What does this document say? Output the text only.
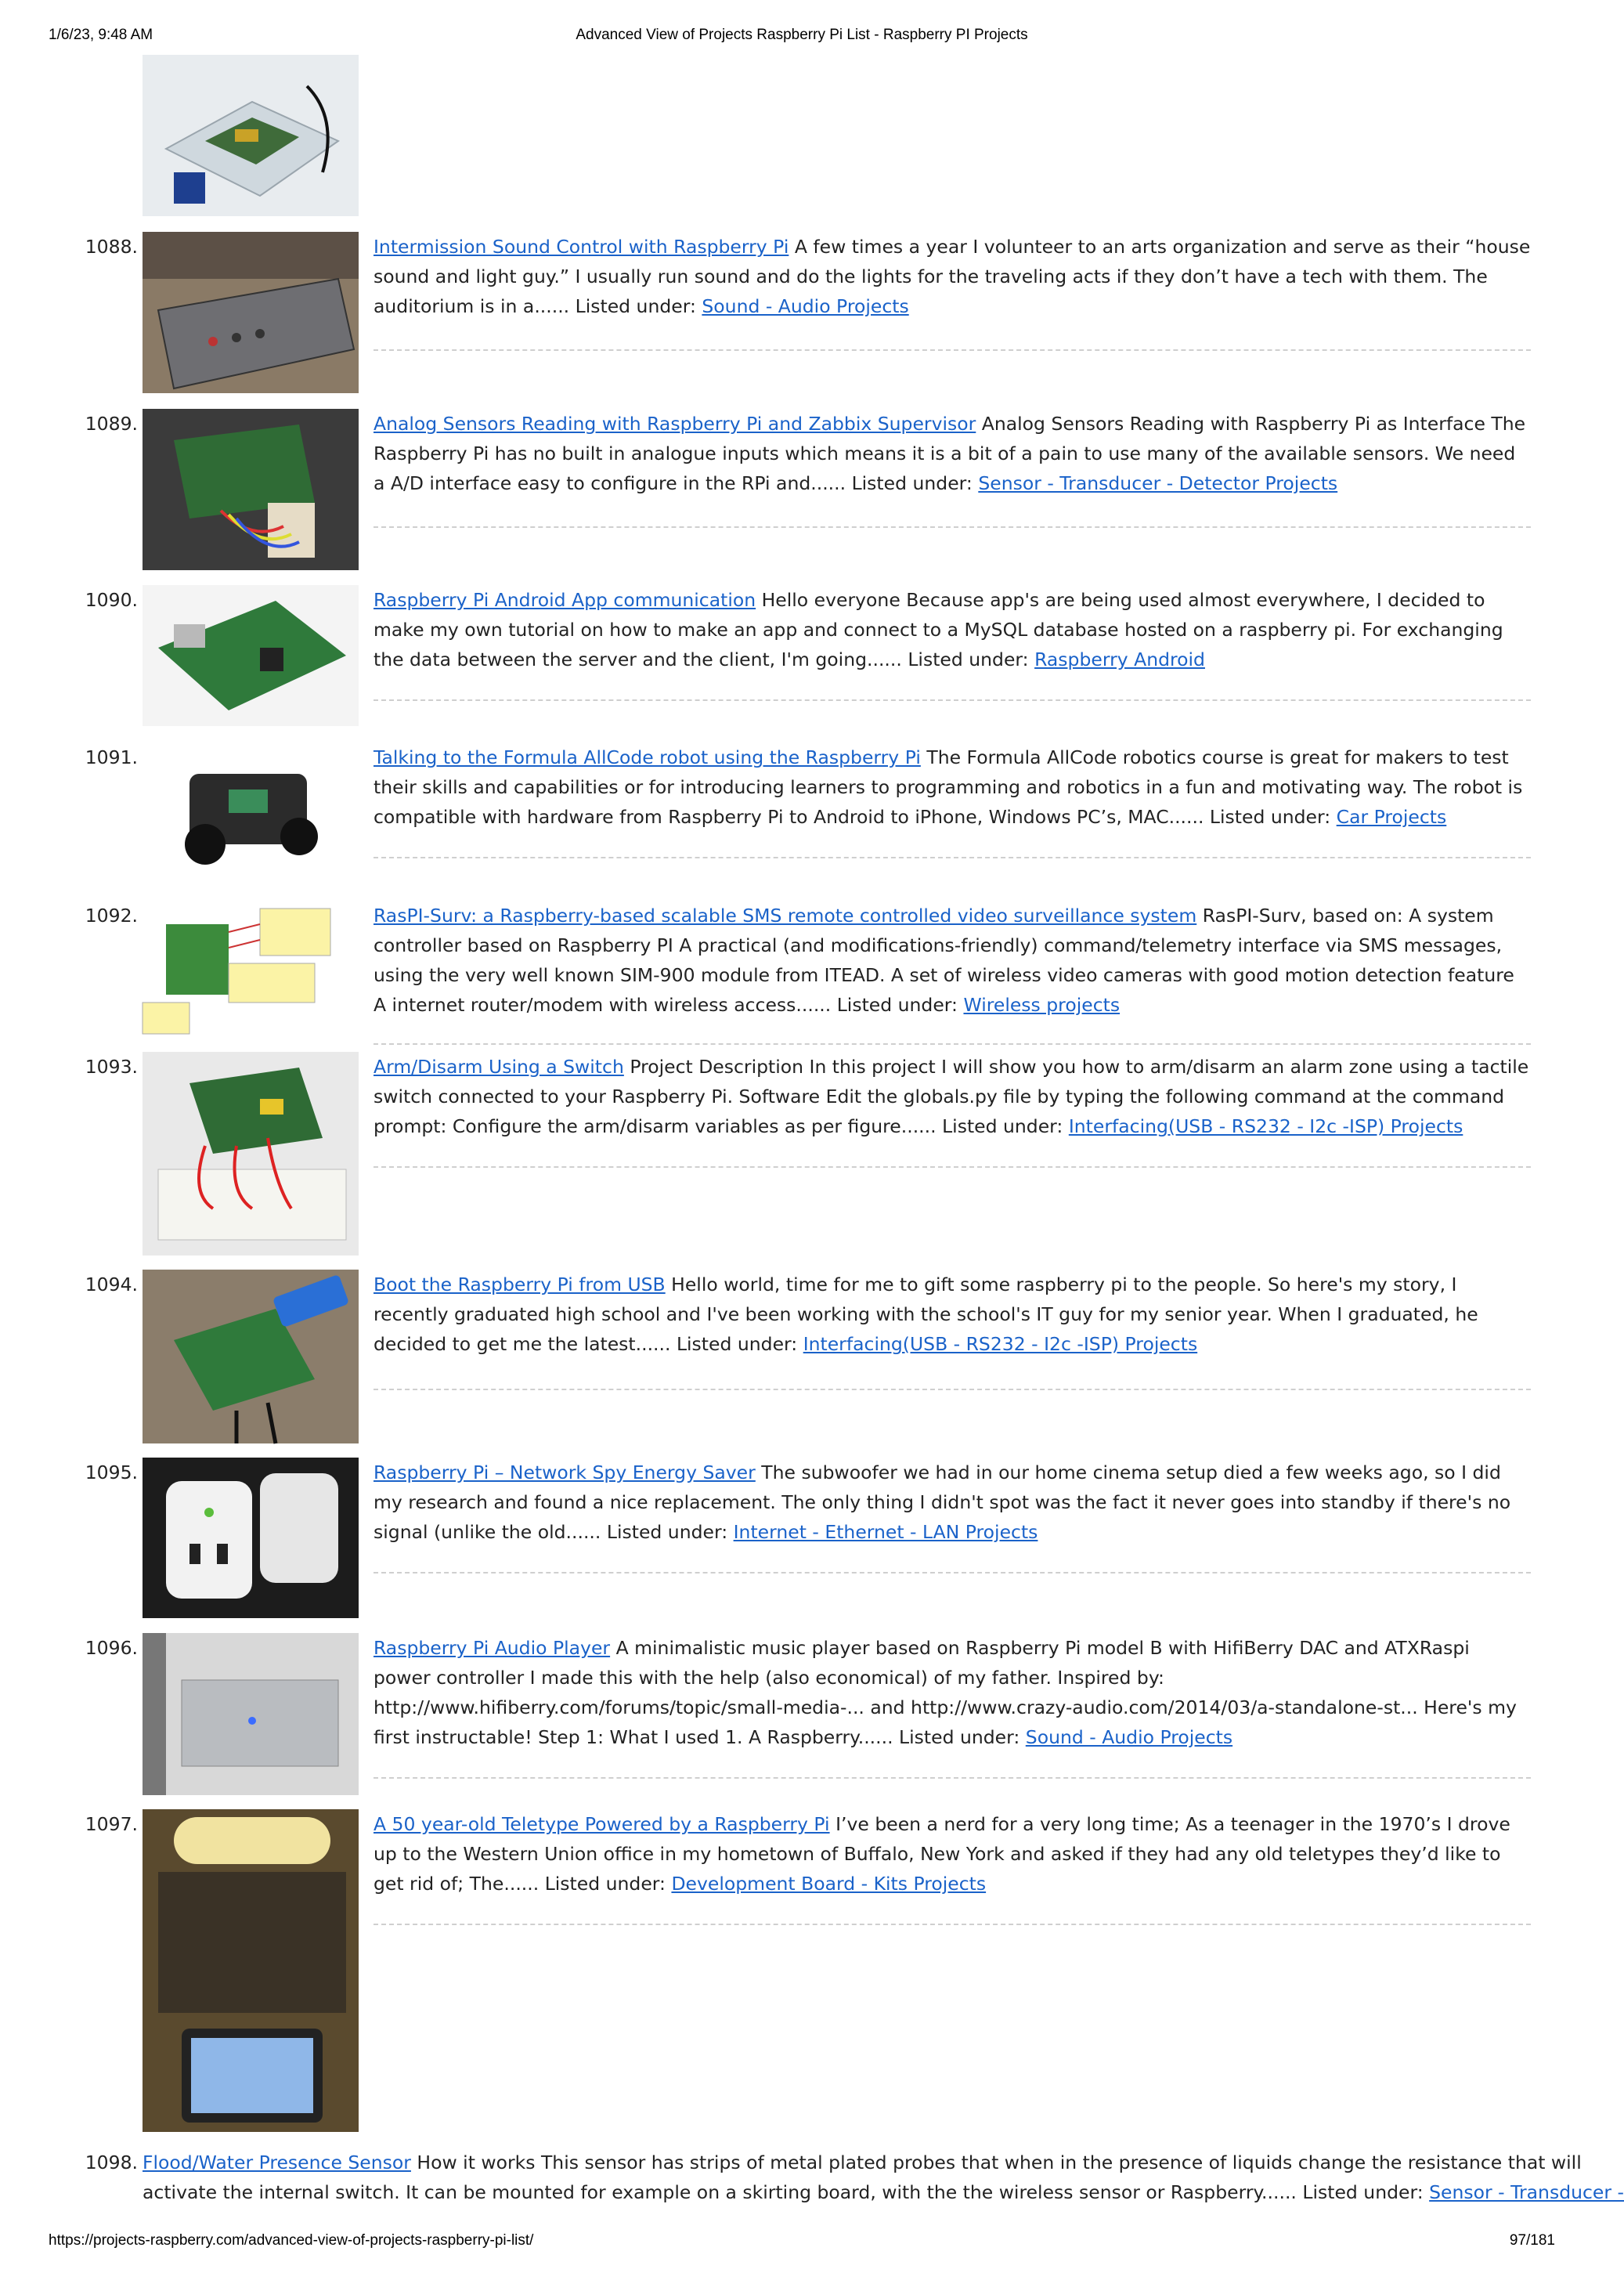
1/6/23, 9:48 AM	Advanced View of Projects Raspberry Pi List - Raspberry PI Projects
1088.	Intermission Sound Control with Raspberry Pi A few times a year I volunteer to an arts organization and serve as their “house sound and light guy.” I usually run sound and do the lights for the traveling acts if they don’t have a tech with them. The auditorium is in a...... Listed under: Sound - Audio Projects
1089.	Analog Sensors Reading with Raspberry Pi and Zabbix Supervisor Analog Sensors Reading with Raspberry Pi as Interface The Raspberry Pi has no built in analogue inputs which means it is a bit of a pain to use many of the available sensors. We need a A/D interface easy to configure in the RPi and...... Listed under: Sensor - Transducer - Detector Projects
1090.	Raspberry Pi Android App communication Hello everyone Because app's are being used almost everywhere, I decided to make my own tutorial on how to make an app and connect to a MySQL database hosted on a raspberry pi. For exchanging the data between the server and the client, I'm going...... Listed under: Raspberry Android
1091.	Talking to the Formula AllCode robot using the Raspberry Pi The Formula AllCode robotics course is great for makers to test their skills and capabilities or for introducing learners to programming and robotics in a fun and motivating way. The robot is compatible with hardware from Raspberry Pi to Android to iPhone, Windows PC’s, MAC...... Listed under: Car Projects
1092.	RasPI-Surv: a Raspberry-based scalable SMS remote controlled video surveillance system RasPI-Surv, based on: A system controller based on Raspberry PI A practical (and modifications-friendly) command/telemetry interface via SMS messages, using the very well known SIM-900 module from ITEAD. A set of wireless video cameras with good motion detection feature A internet router/modem with wireless access...... Listed under: Wireless projects
1093.	Arm/Disarm Using a Switch Project Description In this project I will show you how to arm/disarm an alarm zone using a tactile switch connected to your Raspberry Pi. Software Edit the globals.py file by typing the following command at the command prompt: Configure the arm/disarm variables as per figure...... Listed under: Interfacing(USB - RS232 - I2c -ISP) Projects
1094.	Boot the Raspberry Pi from USB Hello world, time for me to gift some raspberry pi to the people. So here's my story, I recently graduated high school and I've been working with the school's IT guy for my senior year. When I graduated, he decided to get me the latest...... Listed under: Interfacing(USB - RS232 - I2c -ISP) Projects
1095.	Raspberry Pi – Network Spy Energy Saver The subwoofer we had in our home cinema setup died a few weeks ago, so I did my research and found a nice replacement. The only thing I didn't spot was the fact it never goes into standby if there's no signal (unlike the old...... Listed under: Internet - Ethernet - LAN Projects
1096.	Raspberry Pi Audio Player A minimalistic music player based on Raspberry Pi model B with HifiBerry DAC and ATXRaspi power controller I made this with the help (also economical) of my father. Inspired by: http://www.hifiberry.com/forums/topic/small-media-... and http://www.crazy-audio.com/2014/03/a-standalone-st... Here's my first instructable! Step 1: What I used 1. A Raspberry...... Listed under: Sound - Audio Projects
1097.	A 50 year-old Teletype Powered by a Raspberry Pi I’ve been a nerd for a very long time; As a teenager in the 1970’s I drove up to the Western Union office in my hometown of Buffalo, New York and asked if they had any old teletypes they’d like to get rid of; The...... Listed under: Development Board - Kits Projects
1098. Flood/Water Presence Sensor How it works This sensor has strips of metal plated probes that when in the presence of liquids change the resistance that will
activate the internal switch. It can be mounted for example on a skirting board, with the the wireless sensor or Raspberry...... Listed under: Sensor - Transducer -
https://projects-raspberry.com/advanced-view-of-projects-raspberry-pi-list/	97/181
